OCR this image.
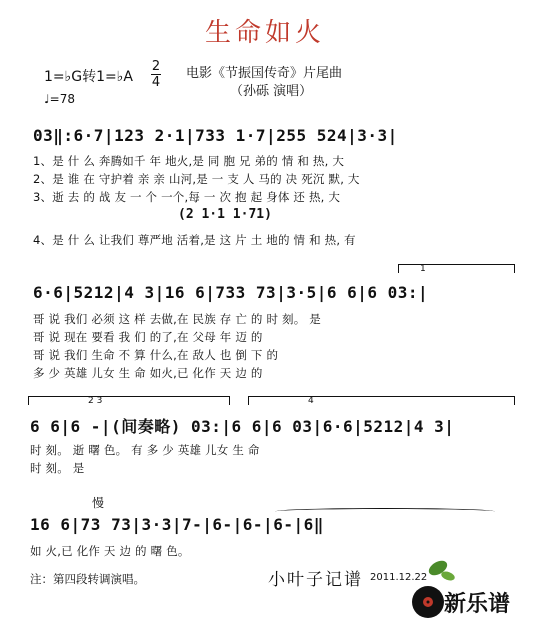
生命如火
1=♭G转1=♭A
2
4
♩=78
电影《节振国传奇》片尾曲
（孙砾 演唱）
03‖:6·7|123 2·1|733 1·7|255 524|3·3|
1、是 什 么 奔腾如千 年 地火,是 同 胞 兄 弟的 情 和 热, 大
2、是 谁 在 守护着 亲 亲 山河,是 一 支 人 马的 决 死沉 默, 大
3、逝 去 的 战 友 一 个 一个,每 一 次 抱 起 身体 还 热, 大
(2 1·1 1·71)
4、是 什 么 让我们 尊严地 活着,是 这 片 土 地的 情 和 热, 有
1
6·6|5212|4 3|16 6|733 73|3·5|6 6|6 03:|
哥 说 我们 必须 这 样 去做,在 民族 存 亡 的 时 刻。 是
哥 说 现在 要看 我 们 的了,在 父母 年 迈 的
哥 说 我们 生命 不 算 什么,在 敌人 也 倒 下 的
多 少 英雄 儿女 生 命 如火,已 化作 天 边 的
2 3	4
6 6|6 -|(间奏略) 03:|6 6|6 03|6·6|5212|4 3|
时 刻。 逝 曙 色。 有 多 少 英雄 儿女 生 命
时 刻。 是
慢
16 6|73 73|3·3|7-|6-|6-|6-|6‖
如 火,已 化作 天 边 的 曙 色。
注：第四段转调演唱。	小叶子记谱 2011.12.22
新乐谱
